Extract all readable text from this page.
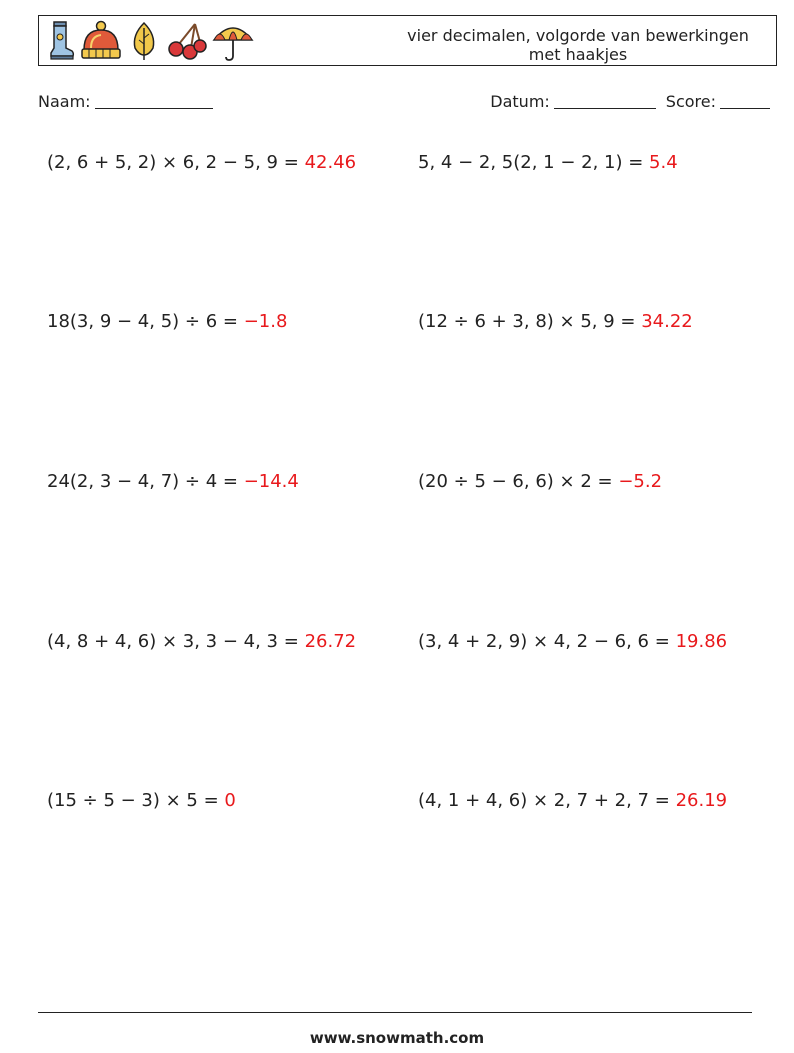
vier decimalen, volgorde van bewerkingen
met haakjes
Naam:	Datum:	Score:
(2, 6 + 5, 2) × 6, 2 − 5, 9 = 42.46	5, 4 − 2, 5(2, 1 − 2, 1) = 5.4
18(3, 9 − 4, 5) ÷ 6 = −1.8	(12 ÷ 6 + 3, 8) × 5, 9 = 34.22
24(2, 3 − 4, 7) ÷ 4 = −14.4	(20 ÷ 5 − 6, 6) × 2 = −5.2
(4, 8 + 4, 6) × 3, 3 − 4, 3 = 26.72	(3, 4 + 2, 9) × 4, 2 − 6, 6 = 19.86
(15 ÷ 5 − 3) × 5 = 0	(4, 1 + 4, 6) × 2, 7 + 2, 7 = 26.19
www.snowmath.com
